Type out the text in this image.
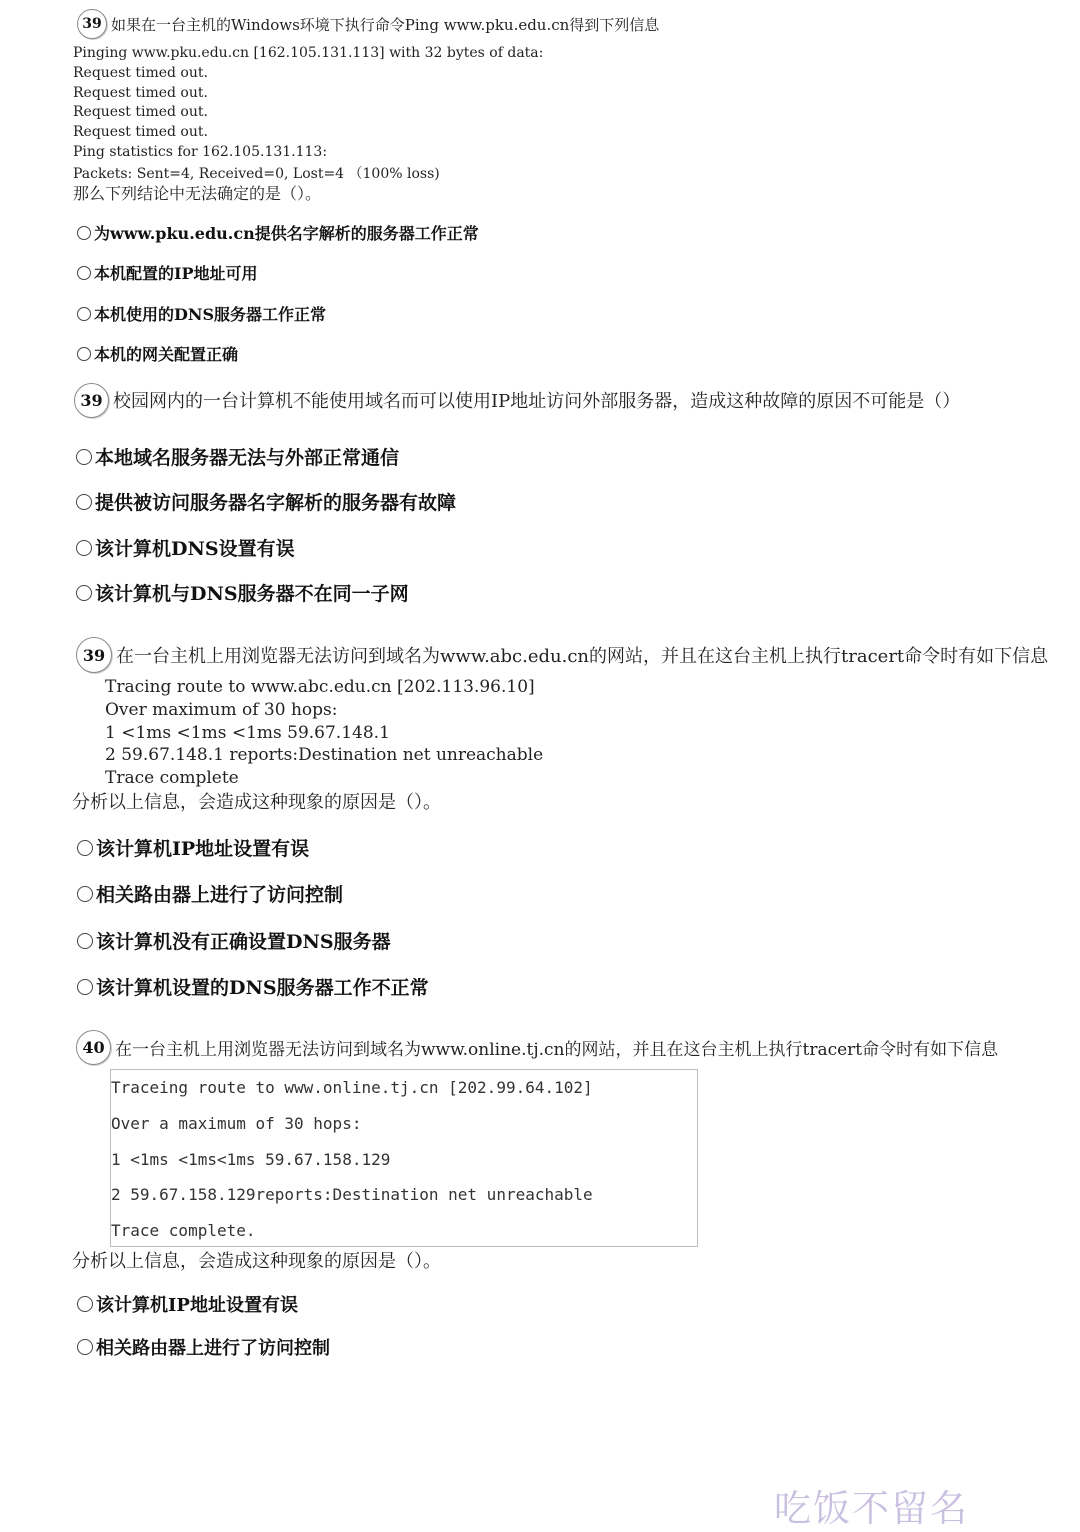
39 如果在一台主机的Windows环境下执行命令Ping www.pku.edu.cn得到下列信息
Pinging www.pku.edu.cn [162.105.131.113] with 32 bytes of data:
Request timed out.
Request timed out.
Request timed out.
Request timed out.
Ping statistics for 162.105.131.113:
Packets: Sent=4, Received=0, Lost=4 （100% loss)
那么下列结论中无法确定的是（）。
为www.pku.edu.cn提供名字解析的服务器工作正常
本机配置的IP地址可用
本机使用的DNS服务器工作正常
本机的网关配置正确
39 校园网内的一台计算机不能使用域名而可以使用IP地址访问外部服务器，造成这种故障的原因不可能是（）
本地域名服务器无法与外部正常通信
提供被访问服务器名字解析的服务器有故障
该计算机DNS设置有误
该计算机与DNS服务器不在同一子网
39 在一台主机上用浏览器无法访问到域名为www.abc.edu.cn的网站，并且在这台主机上执行tracert命令时有如下信息
Tracing route to www.abc.edu.cn [202.113.96.10]
Over maximum of 30 hops:
1 <1ms <1ms <1ms 59.67.148.1
2 59.67.148.1 reports:Destination net unreachable
Trace complete
分析以上信息，会造成这种现象的原因是（）。
该计算机IP地址设置有误
相关路由器上进行了访问控制
该计算机没有正确设置DNS服务器
该计算机设置的DNS服务器工作不正常
40 在一台主机上用浏览器无法访问到域名为www.online.tj.cn的网站，并且在这台主机上执行tracert命令时有如下信息
Traceing route to www.online.tj.cn [202.99.64.102]
Over a maximum of 30 hops:
1 <1ms <1ms<1ms 59.67.158.129
2 59.67.158.129reports:Destination net unreachable
Trace complete.
分析以上信息，会造成这种现象的原因是（）。
该计算机IP地址设置有误
相关路由器上进行了访问控制
吃饭不留名
